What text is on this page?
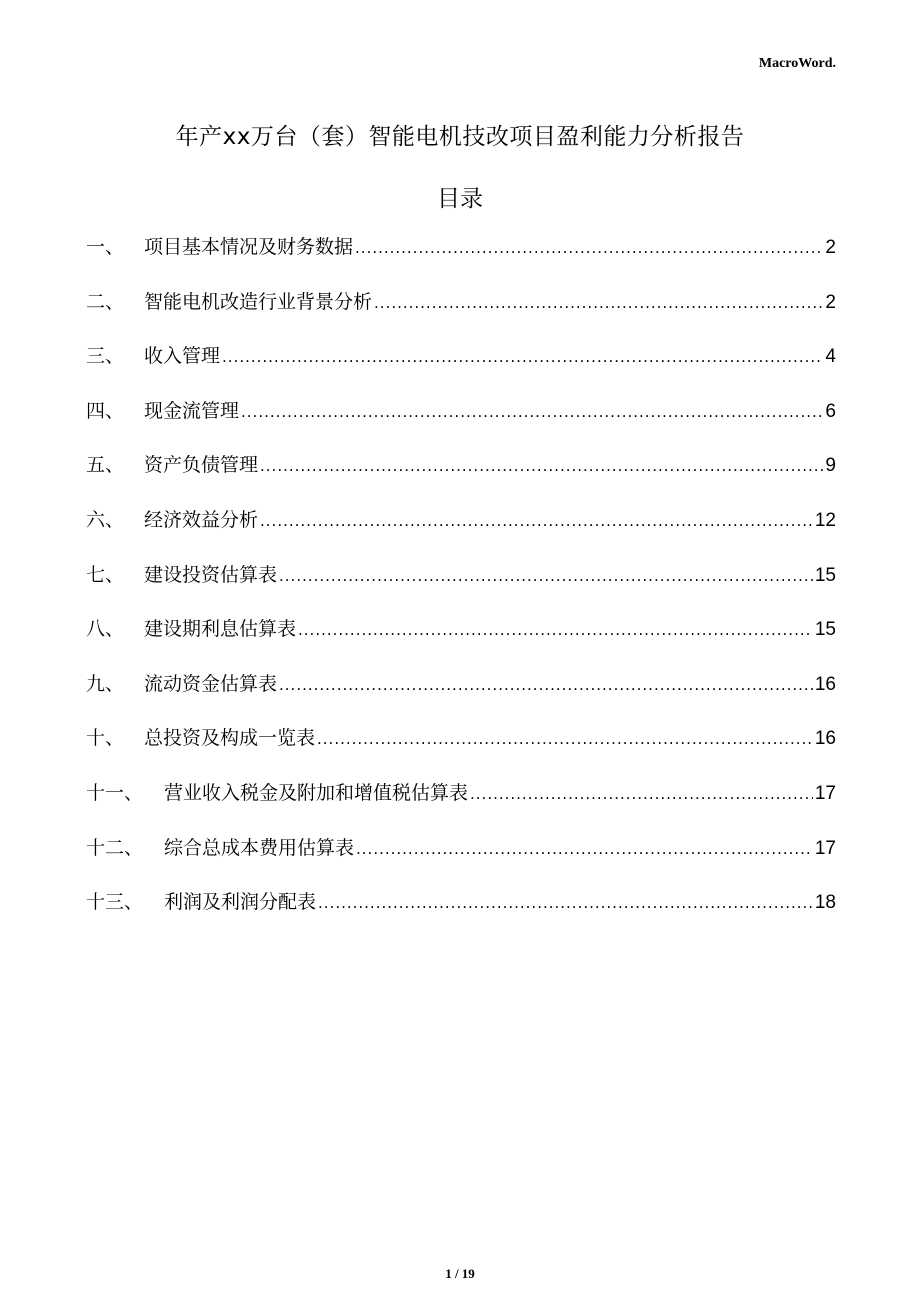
MacroWord.
年产xx万台（套）智能电机技改项目盈利能力分析报告
目录
一、	项目基本情况及财务数据 .....	2
二、	智能电机改造行业背景分析 .....	2
三、	收入管理 .....	4
四、	现金流管理 .....	6
五、	资产负债管理 .....	9
六、	经济效益分析 .....	12
七、	建设投资估算表 .....	15
八、	建设期利息估算表 .....	15
九、	流动资金估算表 .....	16
十、	总投资及构成一览表 .....	16
十一、	营业收入税金及附加和增值税估算表 .....	17
十二、	综合总成本费用估算表 .....	17
十三、	利润及利润分配表 .....	18
1 / 19
